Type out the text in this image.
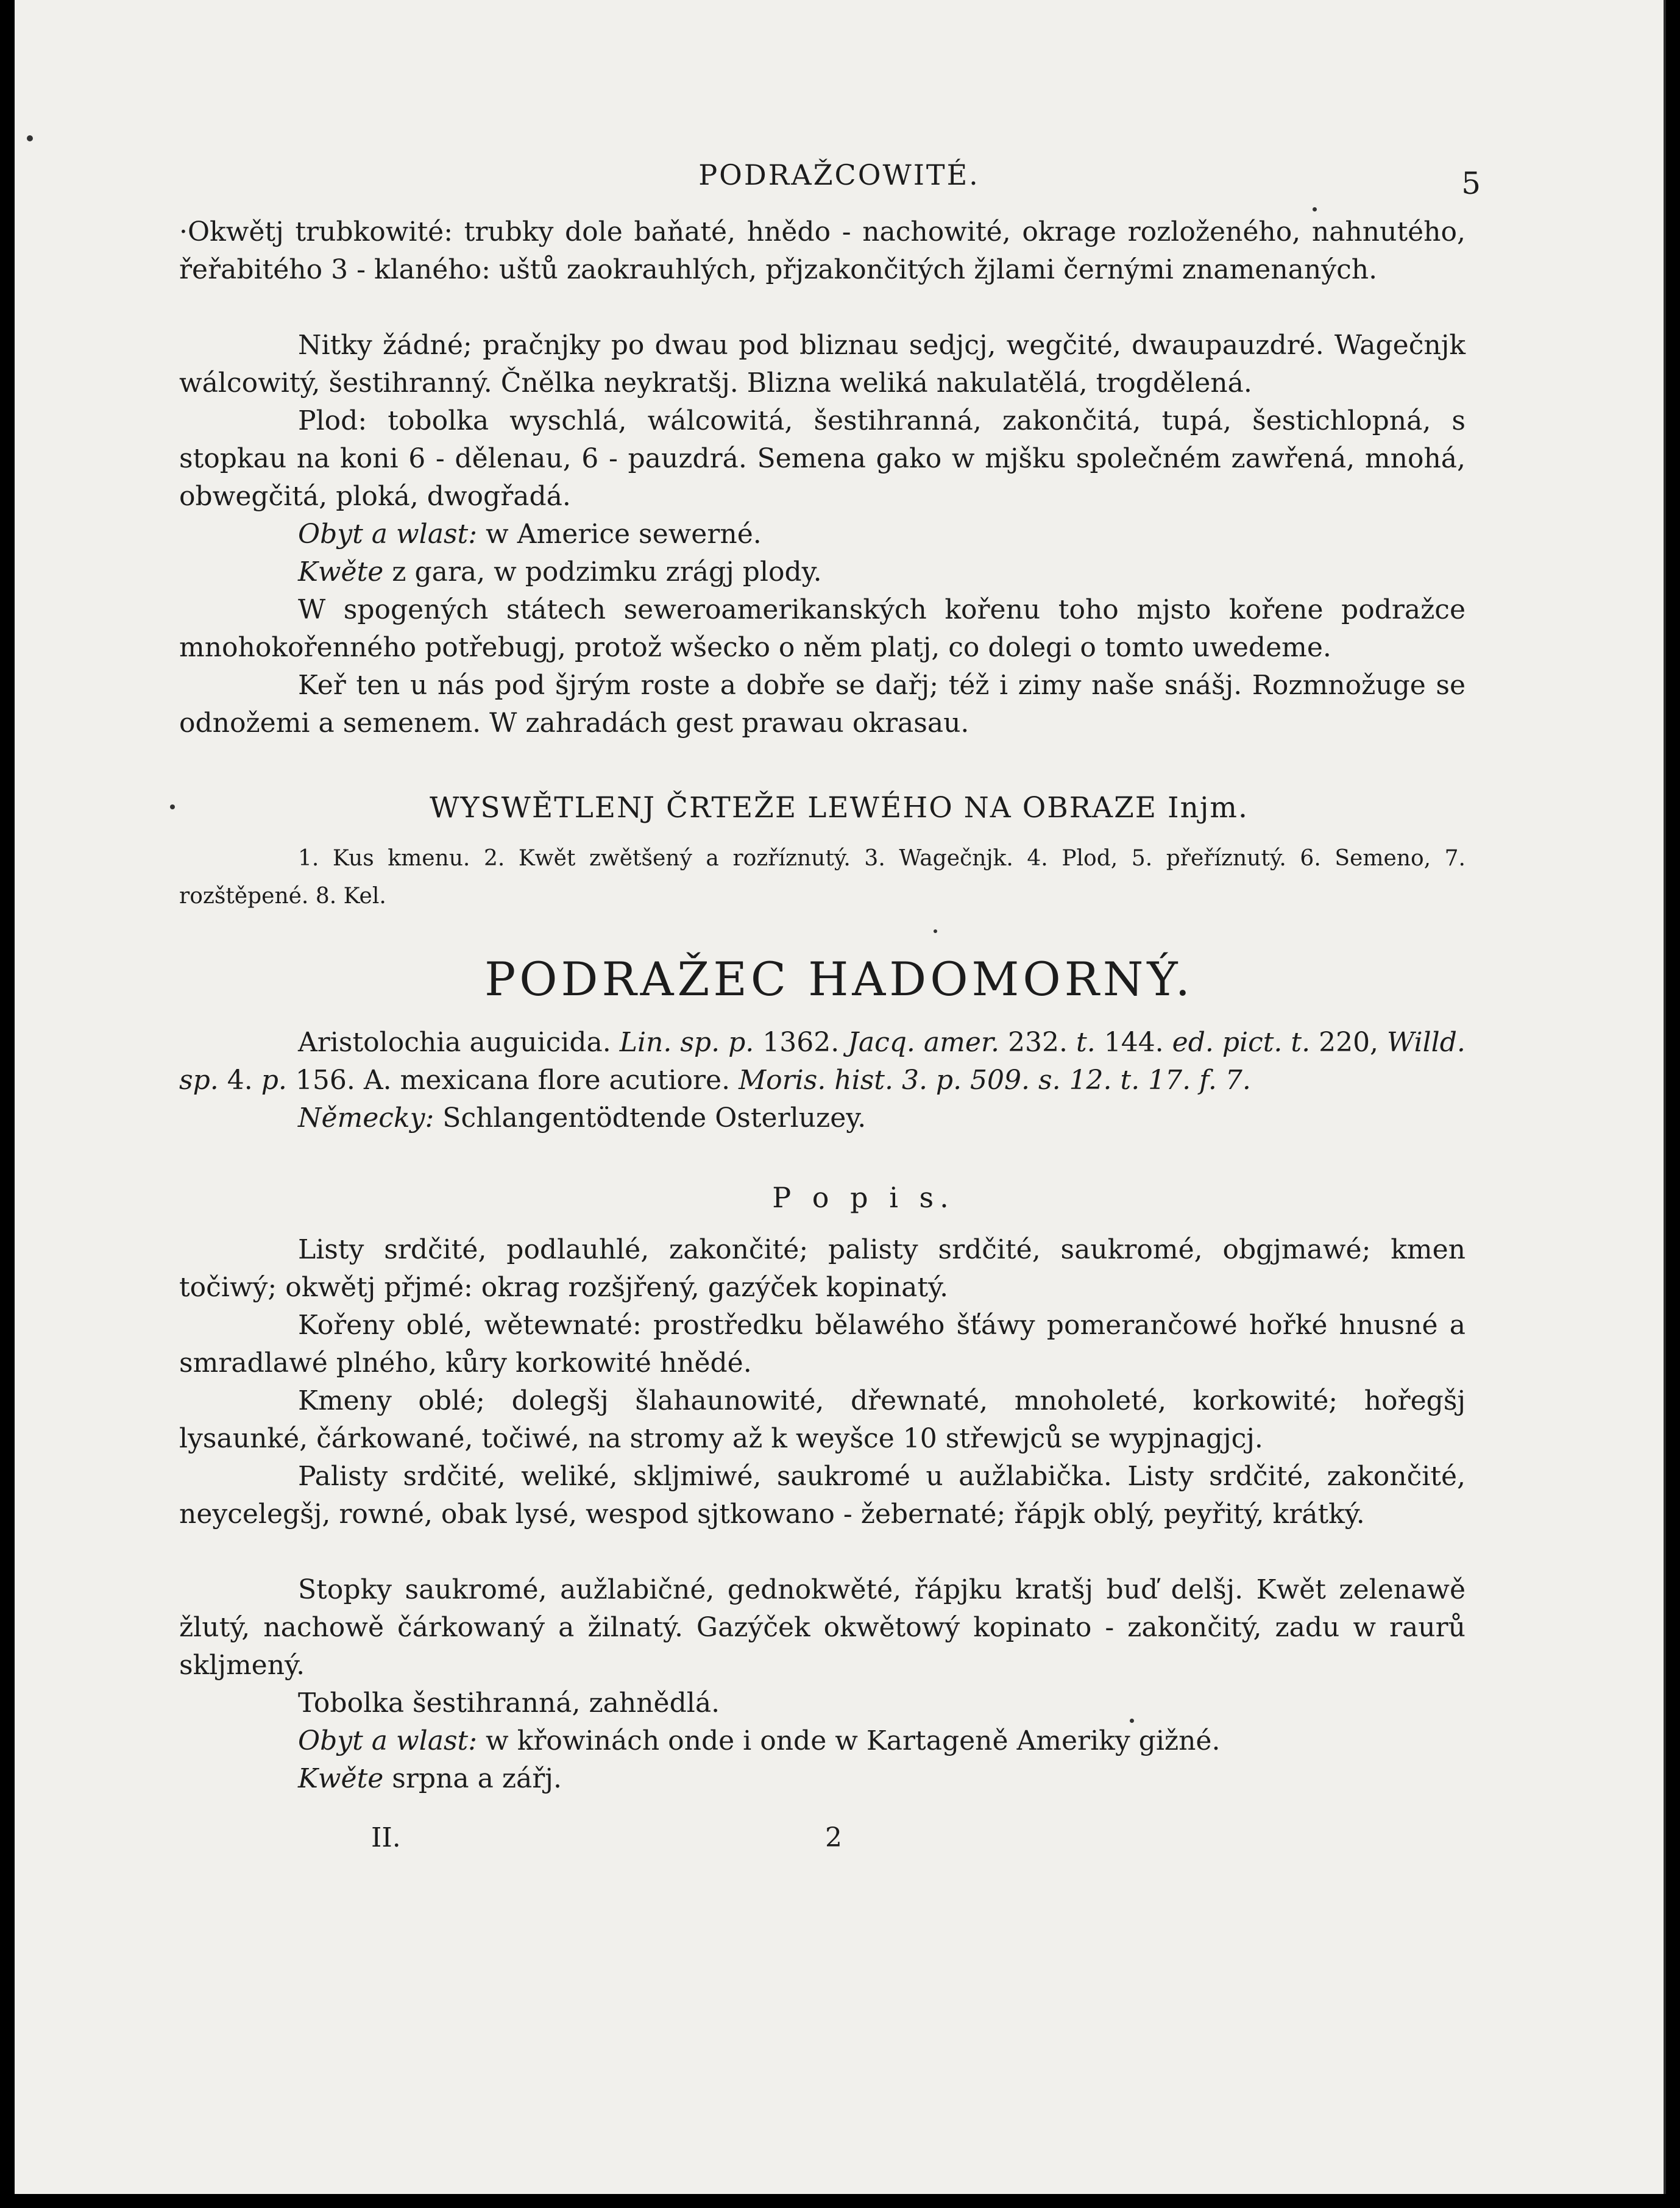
PODRAŽCOWITÉ.	5
·Okwětj trubkowité: trubky dole baňaté, hnědo - nachowité, okrage rozloženého, nahnutého, řeřabitého 3 - klaného: uštů zaokrauhlých, přjzakončitých žjlami černými znamenaných.
Nitky žádné; pračnjky po dwau pod bliznau sedjcj, wegčité, dwaupauzdré. Wagečnjk wálcowitý, šestihranný. Čnělka neykratšj. Blizna weliká nakulatělá, trogdělená.
Plod: tobolka wyschlá, wálcowitá, šestihranná, zakončitá, tupá, šestichlopná, s stopkau na koni 6 - dělenau, 6 - pauzdrá. Semena gako w mjšku společném zawřená, mnohá, obwegčitá, ploká, dwogřadá.
Obyt a wlast: w Americe sewerné.
Kwěte z gara, w podzimku zrágj plody.
W spogených státech seweroamerikanských kořenu toho mjsto kořene podražce mnohokořenného potřebugj, protož wšecko o něm platj, co dolegi o tomto uwedeme.
Keř ten u nás pod šjrým roste a dobře se dařj; též i zimy naše snášj. Rozmnožuge se odnožemi a semenem. W zahradách gest prawau okrasau.
WYSWĚTLENJ ČRTEŽE LEWÉHO NA OBRAZE Injm.
1. Kus kmenu. 2. Kwět zwětšený a rozříznutý. 3. Wagečnjk. 4. Plod, 5. přeříznutý. 6. Semeno, 7. rozštěpené. 8. Kel.
PODRAŽEC HADOMORNÝ.
Aristolochia auguicida. Lin. sp. p. 1362. Jacq. amer. 232. t. 144. ed. pict. t. 220, Willd. sp. 4. p. 156. A. mexicana flore acutiore. Moris. hist. 3. p. 509. s. 12. t. 17. f. 7.
Německy: Schlangentödtende Osterluzey.
P o p i s.
Listy srdčité, podlauhlé, zakončité; palisty srdčité, saukromé, obgjmawé; kmen točiwý; okwětj přjmé: okrag rozšjřený, gazýček kopinatý.
Kořeny oblé, wětewnaté: prostředku bělawého šťáwy pomerančowé hořké hnusné a smradlawé plného, kůry korkowité hnědé.
Kmeny oblé; dolegšj šlahaunowité, dřewnaté, mnoholeté, korkowité; hořegšj lysaunké, čárkowané, točiwé, na stromy až k weyšce 10 střewjců se wypjnagjcj.
Palisty srdčité, weliké, skljmiwé, saukromé u aužlabička. Listy srdčité, zakončité, neycelegšj, rowné, obak lysé, wespod sjtkowano - žebernaté; řápjk oblý, peyřitý, krátký.
Stopky saukromé, aužlabičné, gednokwěté, řápjku kratšj buď delšj. Kwět zelenawě žlutý, nachowě čárkowaný a žilnatý. Gazýček okwětowý kopinato - zakončitý, zadu w raurů skljmený.
Tobolka šestihranná, zahnědlá.
Obyt a wlast: w křowinách onde i onde w Kartageně Ameriky gižné.
Kwěte srpna a zářj.
II.	2
